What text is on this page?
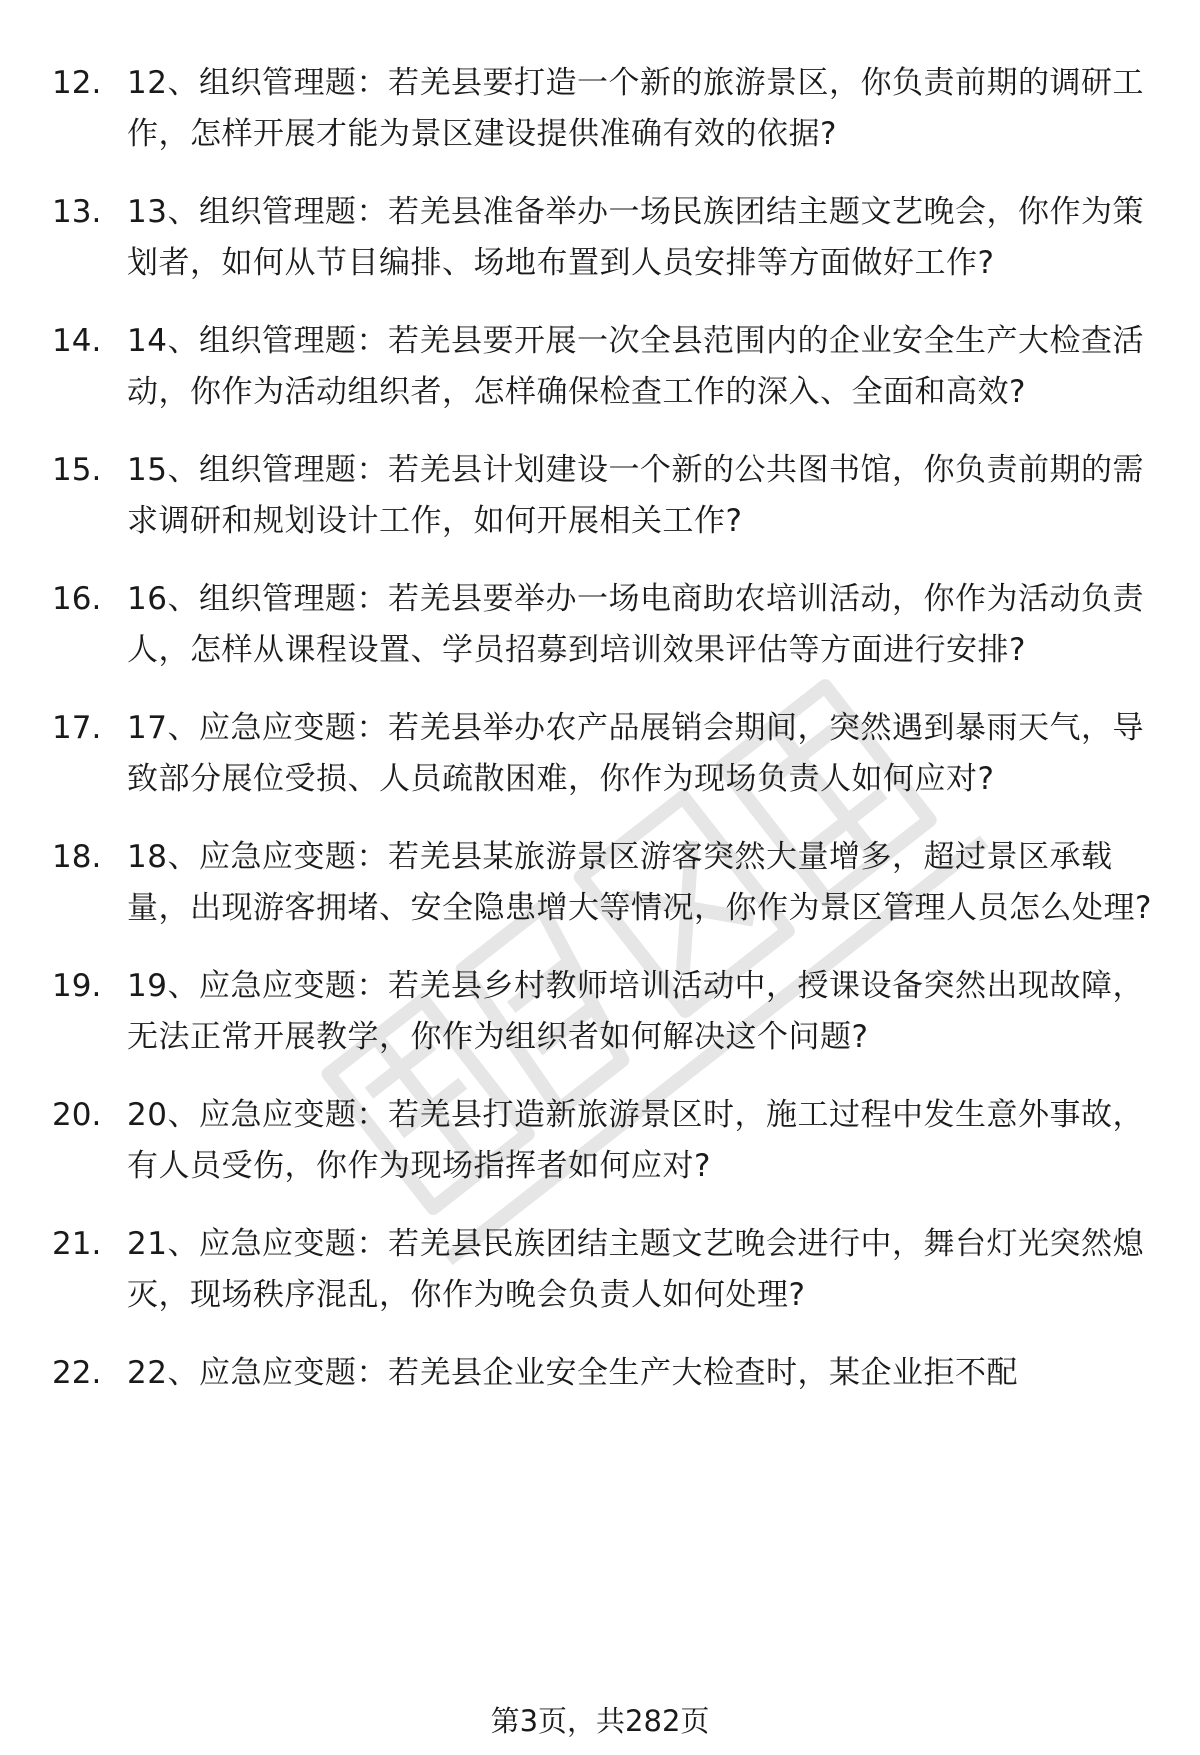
12. 12、组织管理题：若羌县要打造一个新的旅游景区，你负责前期的调研工作，怎样开展才能为景区建设提供准确有效的依据?

13. 13、组织管理题：若羌县准备举办一场民族团结主题文艺晚会，你作为策划者，如何从节目编排、场地布置到人员安排等方面做好工作?

14. 14、组织管理题：若羌县要开展一次全县范围内的企业安全生产大检查活动，你作为活动组织者，怎样确保检查工作的深入、全面和高效?

15. 15、组织管理题：若羌县计划建设一个新的公共图书馆，你负责前期的需求调研和规划设计工作，如何开展相关工作?

16. 16、组织管理题：若羌县要举办一场电商助农培训活动，你作为活动负责人，怎样从课程设置、学员招募到培训效果评估等方面进行安排?

17. 17、应急应变题：若羌县举办农产品展销会期间，突然遇到暴雨天气，导致部分展位受损、人员疏散困难，你作为现场负责人如何应对?

18. 18、应急应变题：若羌县某旅游景区游客突然大量增多，超过景区承载量，出现游客拥堵、安全隐患增大等情况，你作为景区管理人员怎么处理?

19. 19、应急应变题：若羌县乡村教师培训活动中，授课设备突然出现故障，无法正常开展教学，你作为组织者如何解决这个问题?

20. 20、应急应变题：若羌县打造新旅游景区时，施工过程中发生意外事故，有人员受伤，你作为现场指挥者如何应对?

21. 21、应急应变题：若羌县民族团结主题文艺晚会进行中，舞台灯光突然熄灭，现场秩序混乱，你作为晚会负责人如何处理?

22. 22、应急应变题：若羌县企业安全生产大检查时，某企业拒不配

第3页，共282页
